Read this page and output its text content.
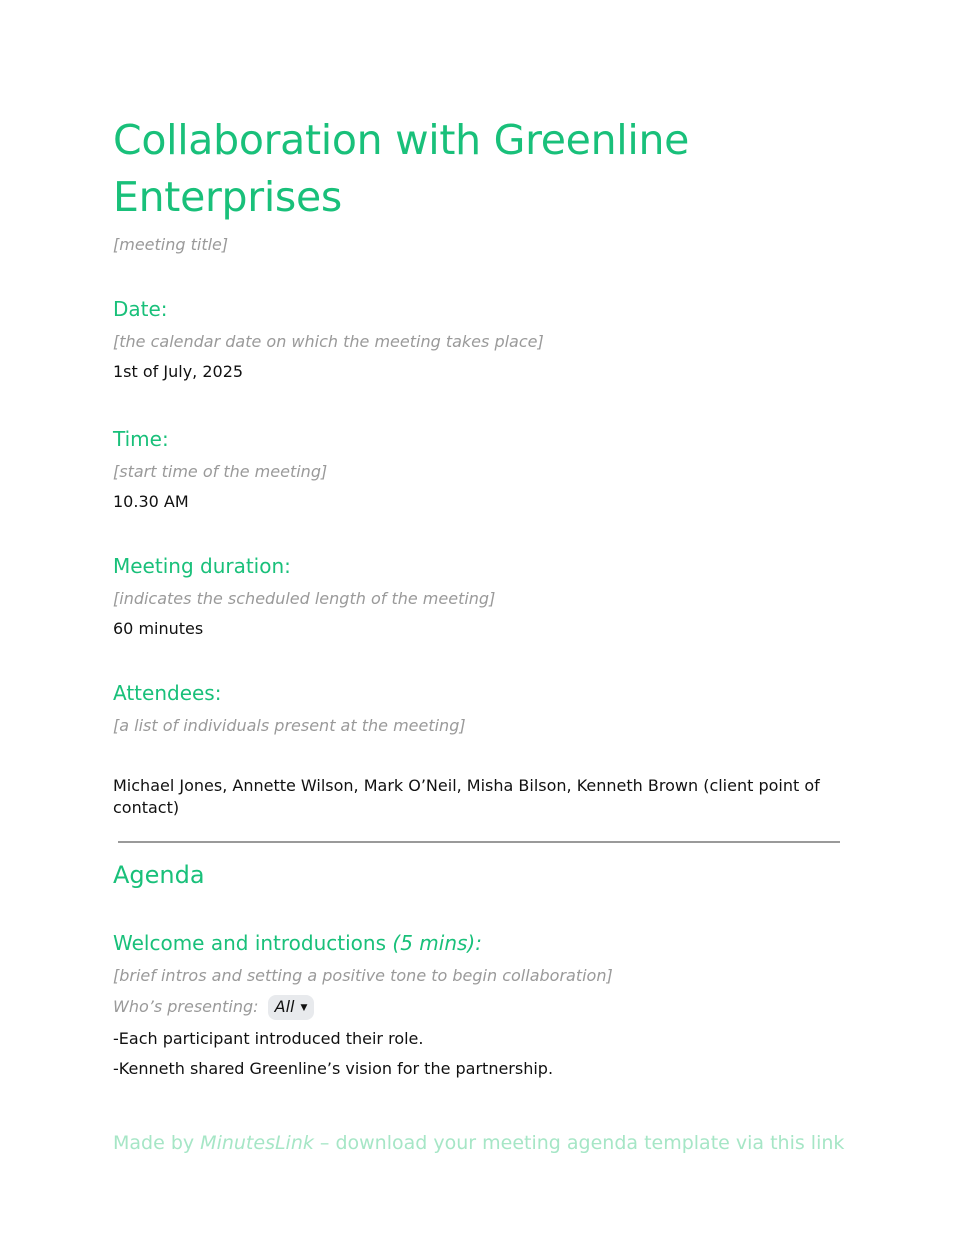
Collaboration with Greenline Enterprises
[meeting title]
Date:
[the calendar date on which the meeting takes place]
1st of July, 2025
Time:
[start time of the meeting]
10.30 AM
Meeting duration:
[indicates the scheduled length of the meeting]
60 minutes
Attendees:
[a list of individuals present at the meeting]
Michael Jones, Annette Wilson, Mark O’Neil, Misha Bilson, Kenneth Brown (client point of contact)
Agenda
Welcome and introductions (5 mins):
[brief intros and setting a positive tone to begin collaboration]
Who’s presenting: All ▼
-Each participant introduced their role.
-Kenneth shared Greenline’s vision for the partnership.
Made by MinutesLink – download your meeting agenda template via this link
